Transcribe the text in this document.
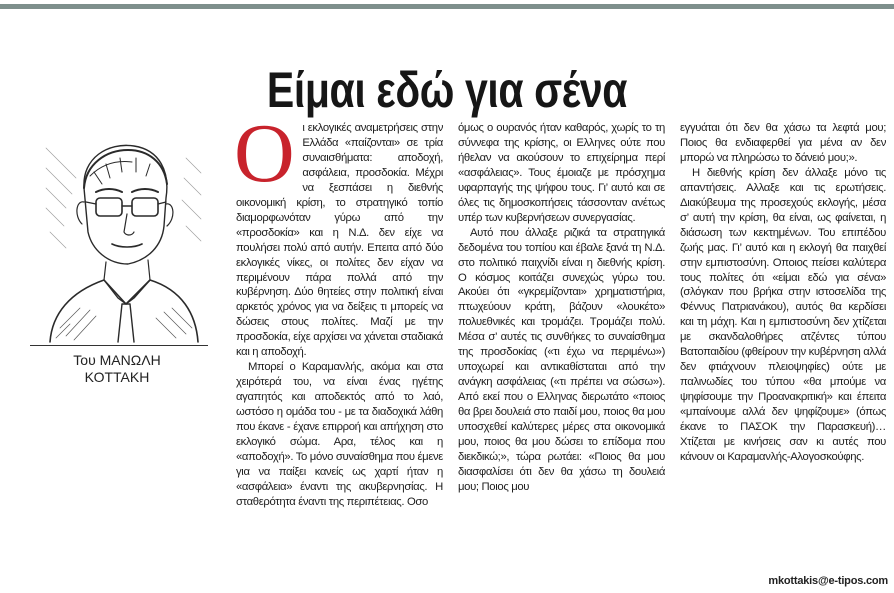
Είμαι εδώ για σένα
Του ΜΑΝΩΛΗ
ΚΟΤΤΑΚΗ
Ο ι εκλογικές αναμετρήσεις στην Ελλάδα «παίζονται» σε τρία συναισθήματα: αποδοχή, ασφάλεια, προσδοκία. Μέχρι να ξεσπάσει η διεθνής οικονομική κρίση, το στρατηγικό τοπίο διαμορφωνόταν γύρω από την «προσδοκία» και η Ν.Δ. δεν είχε να πουλήσει πολύ από αυτήν. Επειτα από δύο εκλογικές νίκες, οι πολίτες δεν είχαν να περιμένουν πάρα πολλά από την κυβέρνηση. Δύο θητείες στην πολιτική είναι αρκετός χρόνος για να δείξεις τι μπορείς να δώσεις στους πολίτες. Μαζί με την προσδοκία, είχε αρχίσει να χάνεται σταδιακά και η αποδοχή.

Μπορεί ο Καραμανλής, ακόμα και στα χειρότερά του, να είναι ένας ηγέτης αγαπητός και αποδεκτός από το λαό, ωστόσο η ομάδα του - με τα διαδοχικά λάθη που έκανε - έχανε επιρροή και απήχηση στο εκλογικό σώμα. Αρα, τέλος και η «αποδοχή». Το μόνο συναίσθημα που έμενε για να παίξει κανείς ως χαρτί ήταν η «ασφάλεια» έναντι της ακυβερνησίας. Η σταθερότητα έναντι της περιπέτειας. Οσο

όμως ο ουρανός ήταν καθαρός, χωρίς το τη σύννεφα της κρίσης, οι Ελληνες ούτε που ήθελαν να ακούσουν το επιχείρημα περί «ασφάλειας». Τους έμοιαζε με πρόσχημα υφαρπαγής της ψήφου τους. Γι’ αυτό και σε όλες τις δημοσκοπήσεις τάσσονταν ανέτως υπέρ των κυβερνήσεων συνεργασίας.

Αυτό που άλλαξε ριζικά τα στρατηγικά δεδομένα του τοπίου και έβαλε ξανά τη Ν.Δ. στο πολιτικό παιχνίδι είναι η διεθνής κρίση. Ο κόσμος κοιτάζει συνεχώς γύρω του. Ακούει ότι «γκρεμίζονται» χρηματιστήρια, πτωχεύουν κράτη, βάζουν «λουκέτο» πολυεθνικές και τρομάζει. Τρομάζει πολύ. Μέσα σ’ αυτές τις συνθήκες το συναίσθημα της προσδοκίας («τι έχω να περιμένω») υποχωρεί και αντικαθίσταται από την ανάγκη ασφάλειας («τι πρέπει να σώσω»). Από εκεί που ο Ελληνας διερωτάτο «ποιος θα βρει δουλειά στο παιδί μου, ποιος θα μου υποσχεθεί καλύτερες μέρες στα οικονομικά μου, ποιος θα μου δώσει το επίδομα που διεκδικώ;», τώρα ρωτάει: «Ποιος θα μου διασφαλίσει ότι δεν θα χάσω τη δουλειά μου; Ποιος μου

εγγυάται ότι δεν θα χάσω τα λεφτά μου; Ποιος θα ενδιαφερθεί για μένα αν δεν μπορώ να πληρώσω το δάνειό μου;».

Η διεθνής κρίση δεν άλλαξε μόνο τις απαντήσεις. Αλλαξε και τις ερωτήσεις. Διακύβευμα της προσεχούς εκλογής, μέσα σ’ αυτή την κρίση, θα είναι, ως φαίνεται, η διάσωση των κεκτημένων. Του επιπέδου ζωής μας. Γι’ αυτό και η εκλογή θα παιχθεί στην εμπιστοσύνη. Οποιος πείσει καλύτερα τους πολίτες ότι «είμαι εδώ για σένα» (σλόγκαν που βρήκα στην ιστοσελίδα της Φέννυς Πατριανάκου), αυτός θα κερδίσει και τη μάχη. Και η εμπιστοσύνη δεν χτίζεται με σκανδαλοθήρες ατζέντες τύπου Βατοπαιδίου (φθείρουν την κυβέρνηση αλλά δεν φτιάχνουν πλειοψηφίες) ούτε με παλινωδίες του τύπου «θα μπούμε να ψηφίσουμε την Προανακριτική» και έπειτα «μπαίνουμε αλλά δεν ψηφίζουμε» (όπως έκανε το ΠΑΣΟΚ την Παρασκευή)… Χτίζεται με κινήσεις σαν κι αυτές που κάνουν οι Καραμανλής-Αλογοσκούφης.

mkottakis@e-tipos.com
